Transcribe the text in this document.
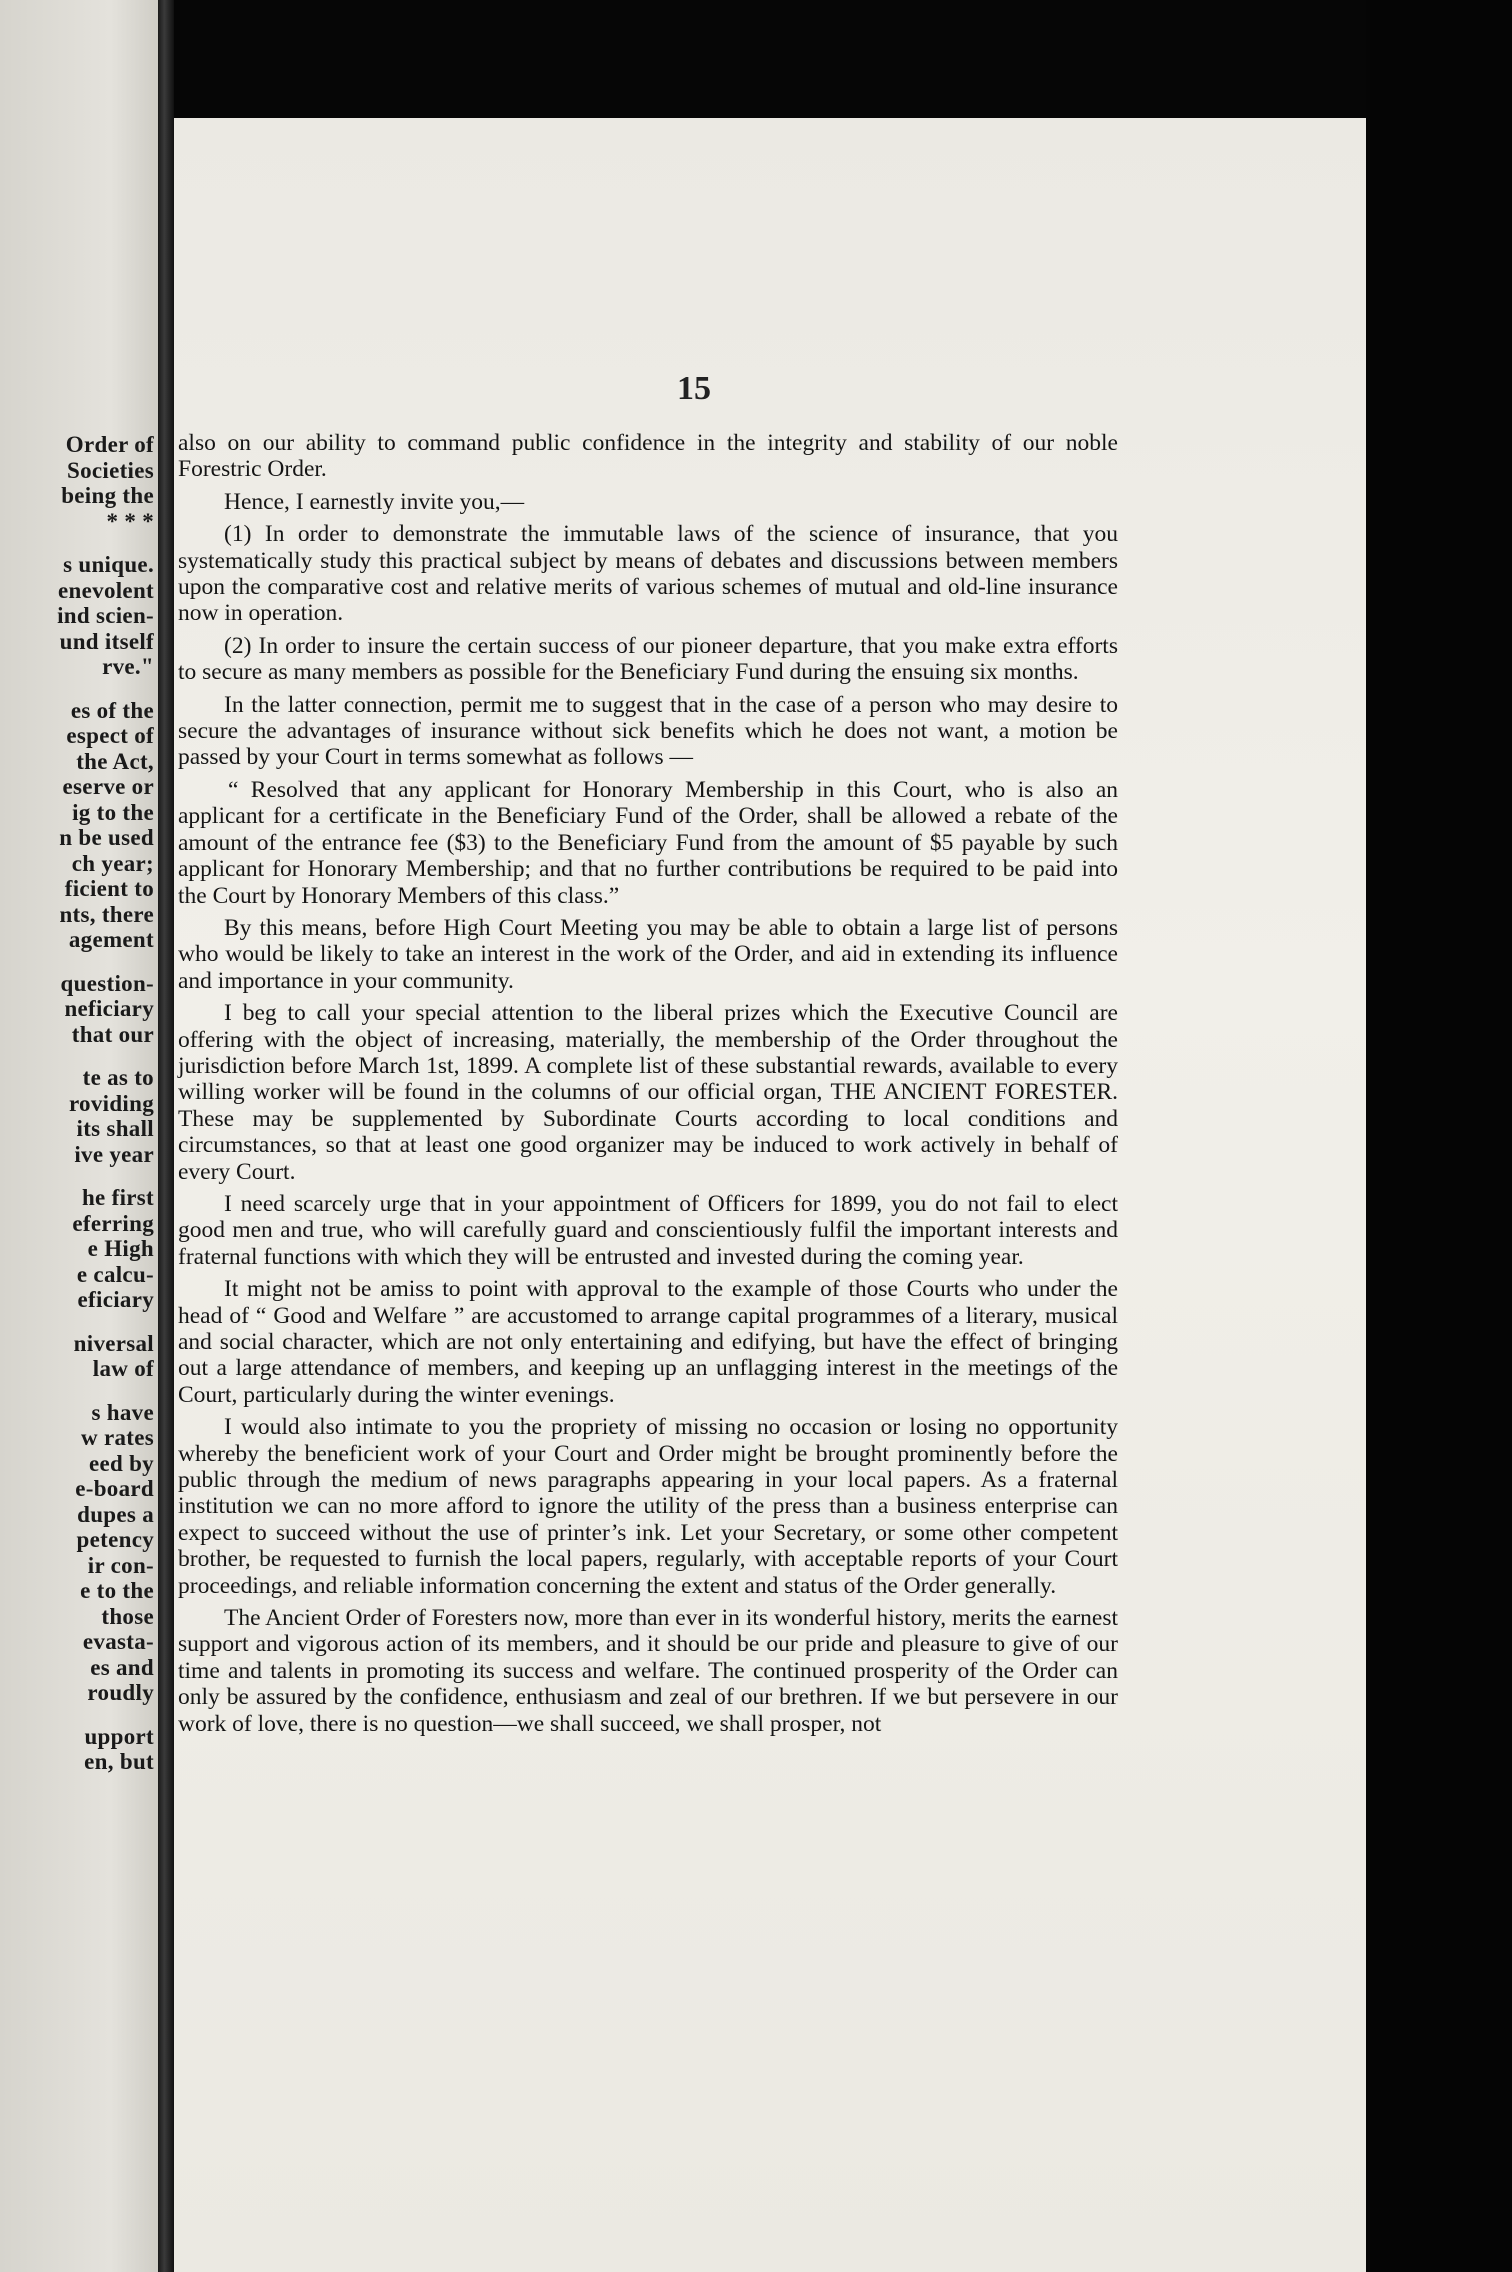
Order of
Societies
being the
* * *
s unique.
enevolent
ind scien-
und itself
rve."
es of the
espect of
the Act,
eserve or
ig to the
n be used
ch year;
ficient to
nts, there
agement
question-
neficiary
that our
te as to
roviding
its shall
ive year
he first
eferring
e High
e calcu-
eficiary
niversal
law of
s have
w rates
eed by
e-board
dupes a
petency
ir con-
e to the
those
evasta-
es and
roudly
upport
en, but
15

also on our ability to command public confidence in the integrity and stability of our noble Forestric Order.

Hence, I earnestly invite you,—

(1) In order to demonstrate the immutable laws of the science of insurance, that you systematically study this practical subject by means of debates and discussions between members upon the comparative cost and relative merits of various schemes of mutual and old-line insurance now in operation.

(2) In order to insure the certain success of our pioneer departure, that you make extra efforts to secure as many members as possible for the Beneficiary Fund during the ensuing six months.

In the latter connection, permit me to suggest that in the case of a person who may desire to secure the advantages of insurance without sick benefits which he does not want, a motion be passed by your Court in terms somewhat as follows —

“ Resolved that any applicant for Honorary Membership in this Court, who is also an applicant for a certificate in the Beneficiary Fund of the Order, shall be allowed a rebate of the amount of the entrance fee ($3) to the Beneficiary Fund from the amount of $5 payable by such applicant for Honorary Membership; and that no further contributions be required to be paid into the Court by Honorary Members of this class.”

By this means, before High Court Meeting you may be able to obtain a large list of persons who would be likely to take an interest in the work of the Order, and aid in extending its influence and importance in your community.

I beg to call your special attention to the liberal prizes which the Executive Council are offering with the object of increasing, materially, the membership of the Order throughout the jurisdiction before March 1st, 1899. A complete list of these substantial rewards, available to every willing worker will be found in the columns of our official organ, THE ANCIENT FORESTER. These may be supplemented by Subordinate Courts according to local conditions and circumstances, so that at least one good organizer may be induced to work actively in behalf of every Court.

I need scarcely urge that in your appointment of Officers for 1899, you do not fail to elect good men and true, who will carefully guard and conscientiously fulfil the important interests and fraternal functions with which they will be entrusted and invested during the coming year.

It might not be amiss to point with approval to the example of those Courts who under the head of “ Good and Welfare ” are accustomed to arrange capital programmes of a literary, musical and social character, which are not only entertaining and edifying, but have the effect of bringing out a large attendance of members, and keeping up an unflagging interest in the meetings of the Court, particularly during the winter evenings.

I would also intimate to you the propriety of missing no occasion or losing no opportunity whereby the beneficient work of your Court and Order might be brought prominently before the public through the medium of news paragraphs appearing in your local papers. As a fraternal institution we can no more afford to ignore the utility of the press than a business enterprise can expect to succeed without the use of printer’s ink. Let your Secretary, or some other competent brother, be requested to furnish the local papers, regularly, with acceptable reports of your Court proceedings, and reliable information concerning the extent and status of the Order generally.

The Ancient Order of Foresters now, more than ever in its wonderful history, merits the earnest support and vigorous action of its members, and it should be our pride and pleasure to give of our time and talents in promoting its success and welfare. The continued prosperity of the Order can only be assured by the confidence, enthusiasm and zeal of our brethren. If we but persevere in our work of love, there is no question—we shall succeed, we shall prosper, not
